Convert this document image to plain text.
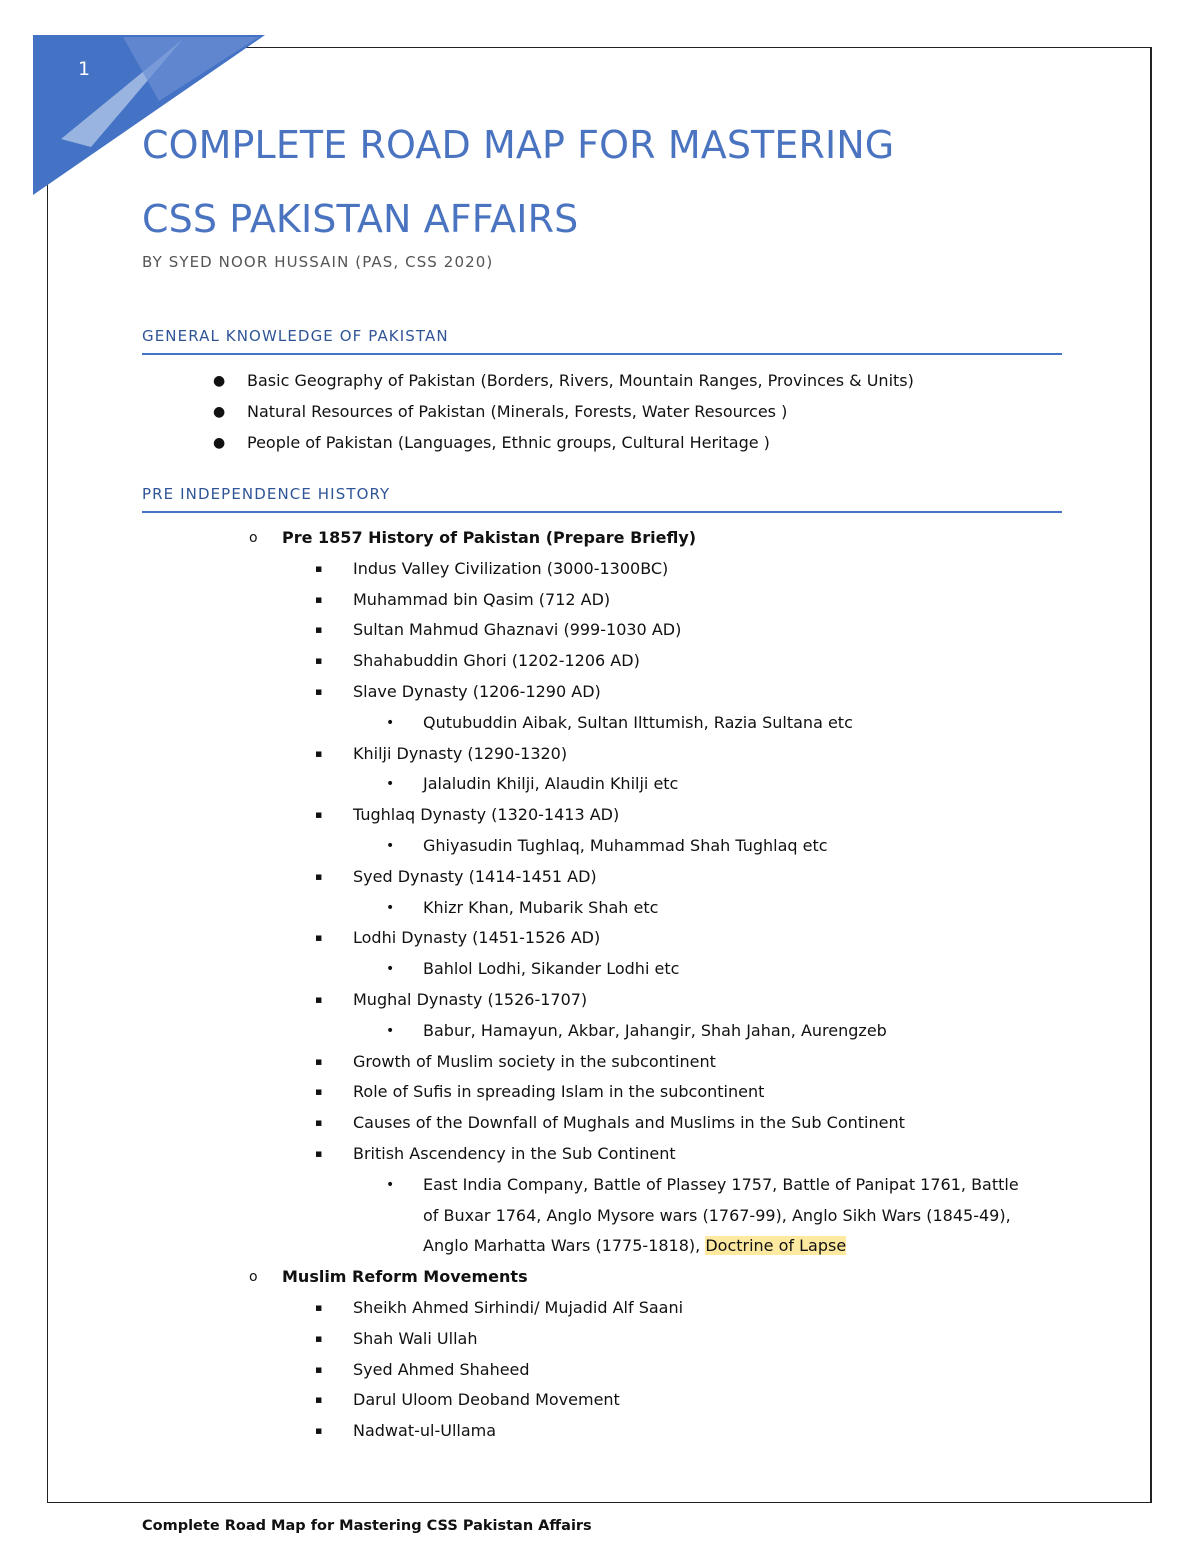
1
COMPLETE ROAD MAP FOR MASTERING
CSS PAKISTAN AFFAIRS
BY SYED NOOR HUSSAIN (PAS, CSS 2020)
GENERAL KNOWLEDGE OF PAKISTAN
● Basic Geography of Pakistan (Borders, Rivers, Mountain Ranges, Provinces & Units)
● Natural Resources of Pakistan (Minerals, Forests, Water Resources )
● People of Pakistan (Languages, Ethnic groups, Cultural Heritage )
PRE INDEPENDENCE HISTORY
o Pre 1857 History of Pakistan (Prepare Briefly)
▪ Indus Valley Civilization (3000-1300BC)
▪ Muhammad bin Qasim (712 AD)
▪ Sultan Mahmud Ghaznavi (999-1030 AD)
▪ Shahabuddin Ghori (1202-1206 AD)
▪ Slave Dynasty (1206-1290 AD)
• Qutubuddin Aibak, Sultan Ilttumish, Razia Sultana etc
▪ Khilji Dynasty (1290-1320)
• Jalaludin Khilji, Alaudin Khilji etc
▪ Tughlaq Dynasty (1320-1413 AD)
• Ghiyasudin Tughlaq, Muhammad Shah Tughlaq etc
▪ Syed Dynasty (1414-1451 AD)
• Khizr Khan, Mubarik Shah etc
▪ Lodhi Dynasty (1451-1526 AD)
• Bahlol Lodhi, Sikander Lodhi etc
▪ Mughal Dynasty (1526-1707)
• Babur, Hamayun, Akbar, Jahangir, Shah Jahan, Aurengzeb
▪ Growth of Muslim society in the subcontinent
▪ Role of Sufis in spreading Islam in the subcontinent
▪ Causes of the Downfall of Mughals and Muslims in the Sub Continent
▪ British Ascendency in the Sub Continent
• East India Company, Battle of Plassey 1757, Battle of Panipat 1761, Battle of Buxar 1764, Anglo Mysore wars (1767-99), Anglo Sikh Wars (1845-49), Anglo Marhatta Wars (1775-1818), Doctrine of Lapse
o Muslim Reform Movements
▪ Sheikh Ahmed Sirhindi/ Mujadid Alf Saani
▪ Shah Wali Ullah
▪ Syed Ahmed Shaheed
▪ Darul Uloom Deoband Movement
▪ Nadwat-ul-Ullama
Complete Road Map for Mastering CSS Pakistan Affairs
